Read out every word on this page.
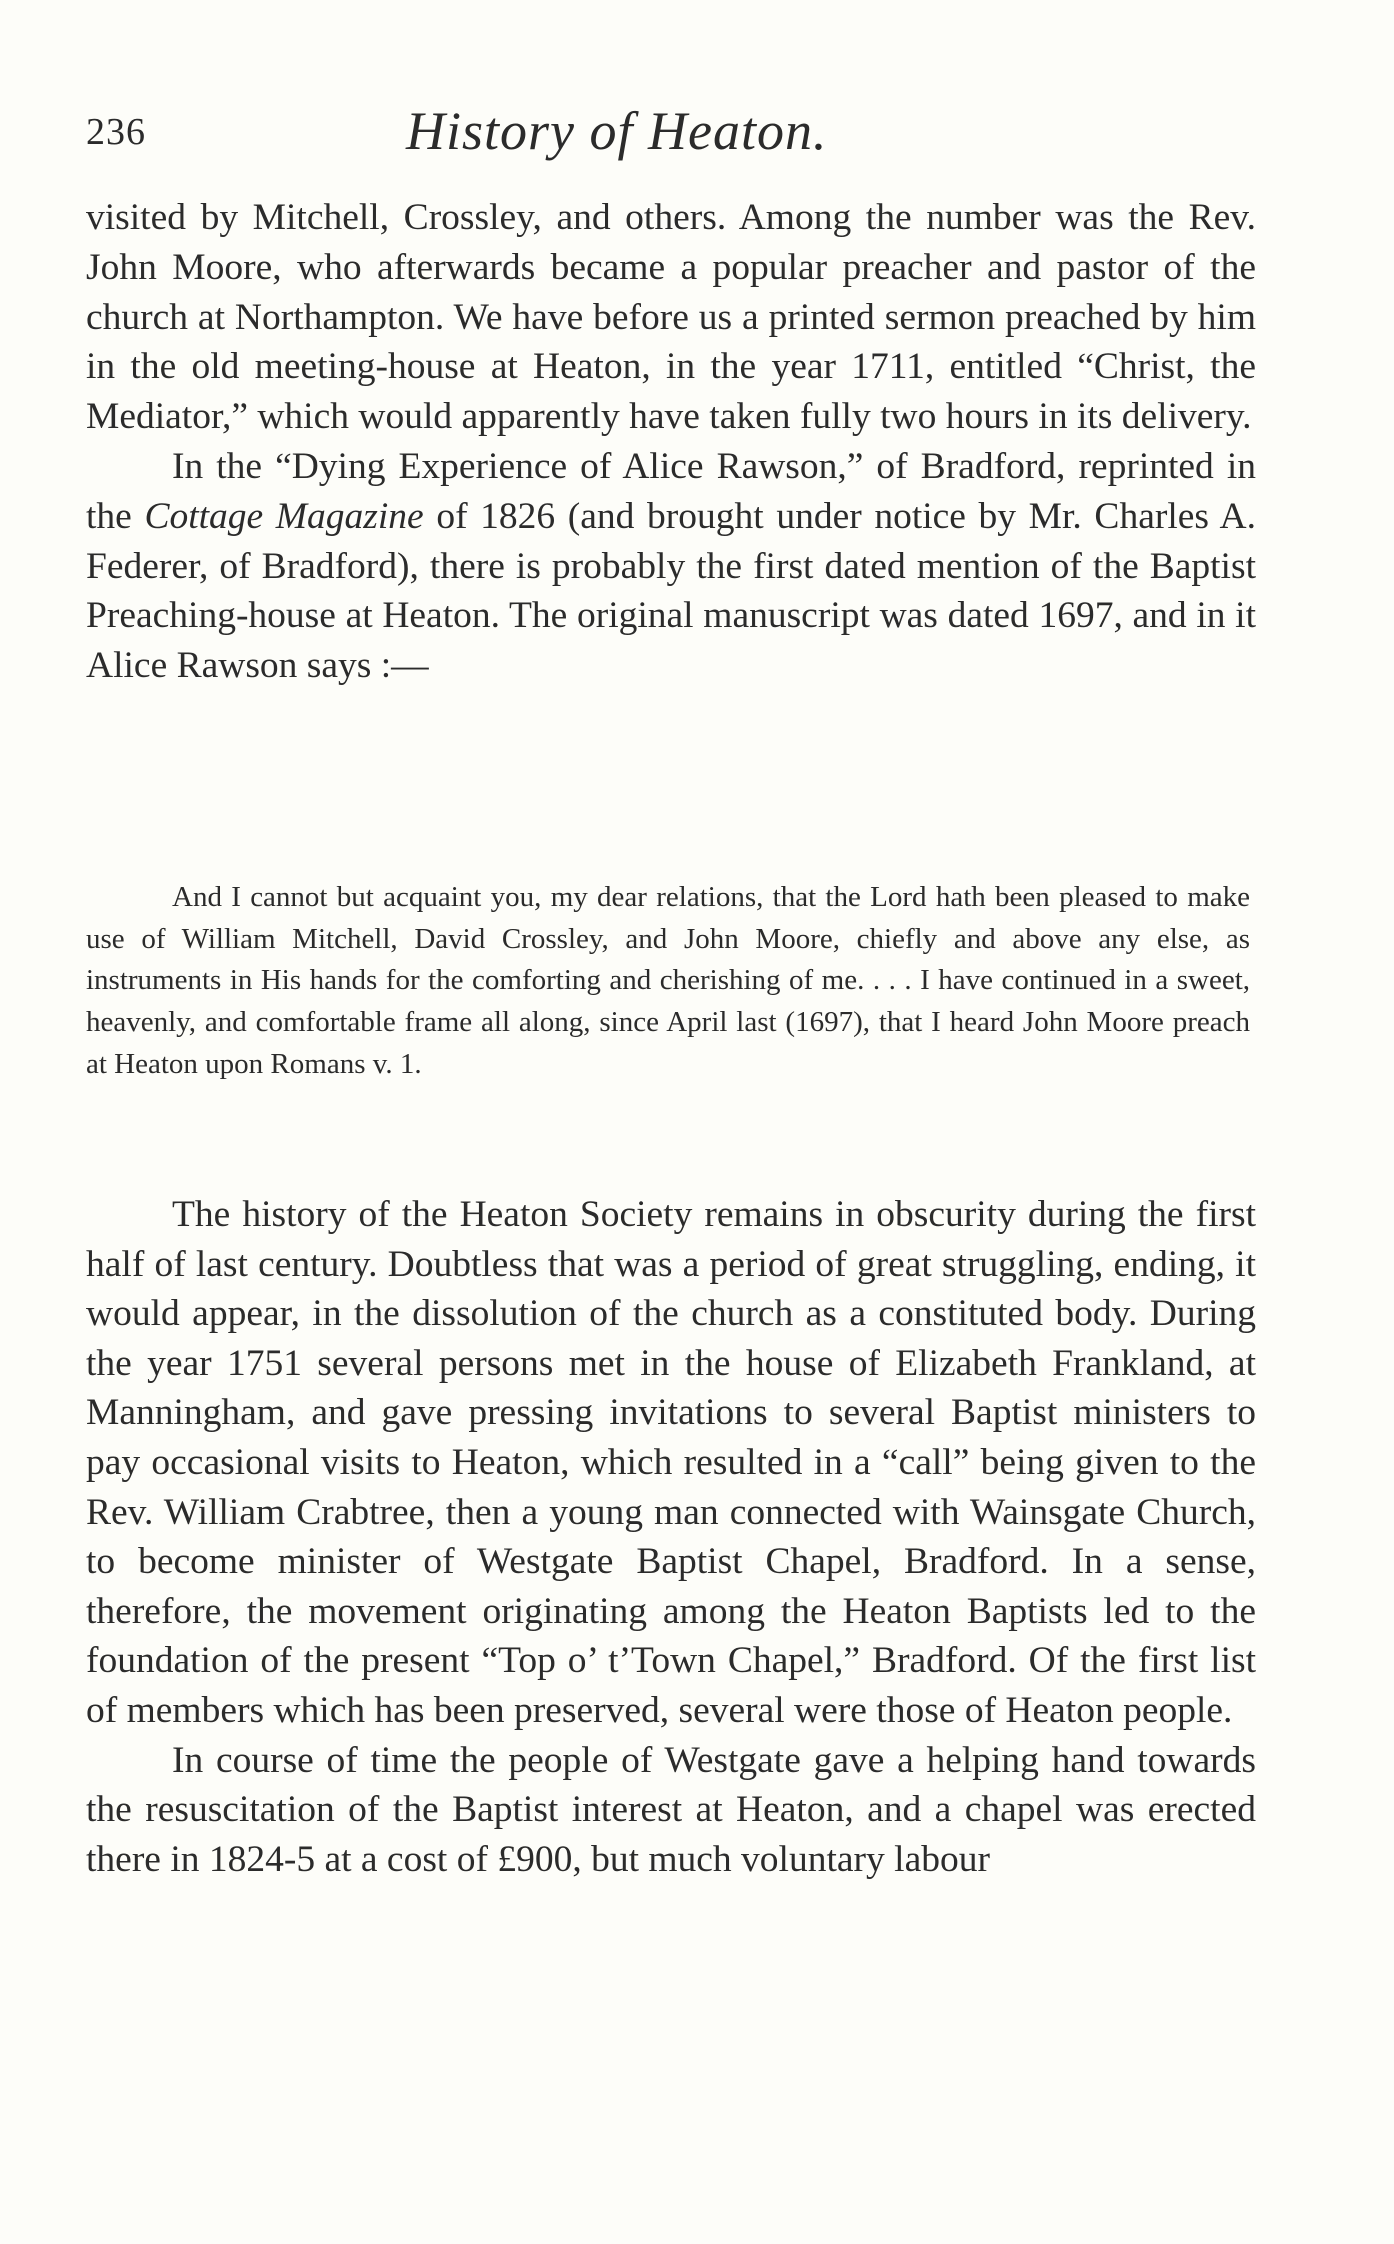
236	History of Heaton.

visited by Mitchell, Crossley, and others. Among the number was the Rev. John Moore, who afterwards became a popular preacher and pastor of the church at Northampton. We have before us a printed sermon preached by him in the old meeting-house at Heaton, in the year 1711, entitled “Christ, the Mediator,” which would apparently have taken fully two hours in its delivery.

In the “Dying Experience of Alice Rawson,” of Bradford, reprinted in the Cottage Magazine of 1826 (and brought under notice by Mr. Charles A. Federer, of Bradford), there is probably the first dated mention of the Baptist Preaching-house at Heaton. The original manuscript was dated 1697, and in it Alice Rawson says :—

And I cannot but acquaint you, my dear relations, that the Lord hath been pleased to make use of William Mitchell, David Crossley, and John Moore, chiefly and above any else, as instruments in His hands for the comforting and cherishing of me. . . . I have continued in a sweet, heavenly, and comfortable frame all along, since April last (1697), that I heard John Moore preach at Heaton upon Romans v. 1.

The history of the Heaton Society remains in obscurity during the first half of last century. Doubtless that was a period of great struggling, ending, it would appear, in the dissolution of the church as a constituted body. During the year 1751 several persons met in the house of Elizabeth Frankland, at Manningham, and gave pressing invitations to several Baptist ministers to pay occasional visits to Heaton, which resulted in a “call” being given to the Rev. William Crabtree, then a young man connected with Wainsgate Church, to become minister of Westgate Baptist Chapel, Bradford. In a sense, therefore, the movement originating among the Heaton Baptists led to the foundation of the present “Top o’ t’Town Chapel,” Bradford. Of the first list of members which has been preserved, several were those of Heaton people.

In course of time the people of Westgate gave a helping hand towards the resuscitation of the Baptist interest at Heaton, and a chapel was erected there in 1824-5 at a cost of £900, but much voluntary labour
